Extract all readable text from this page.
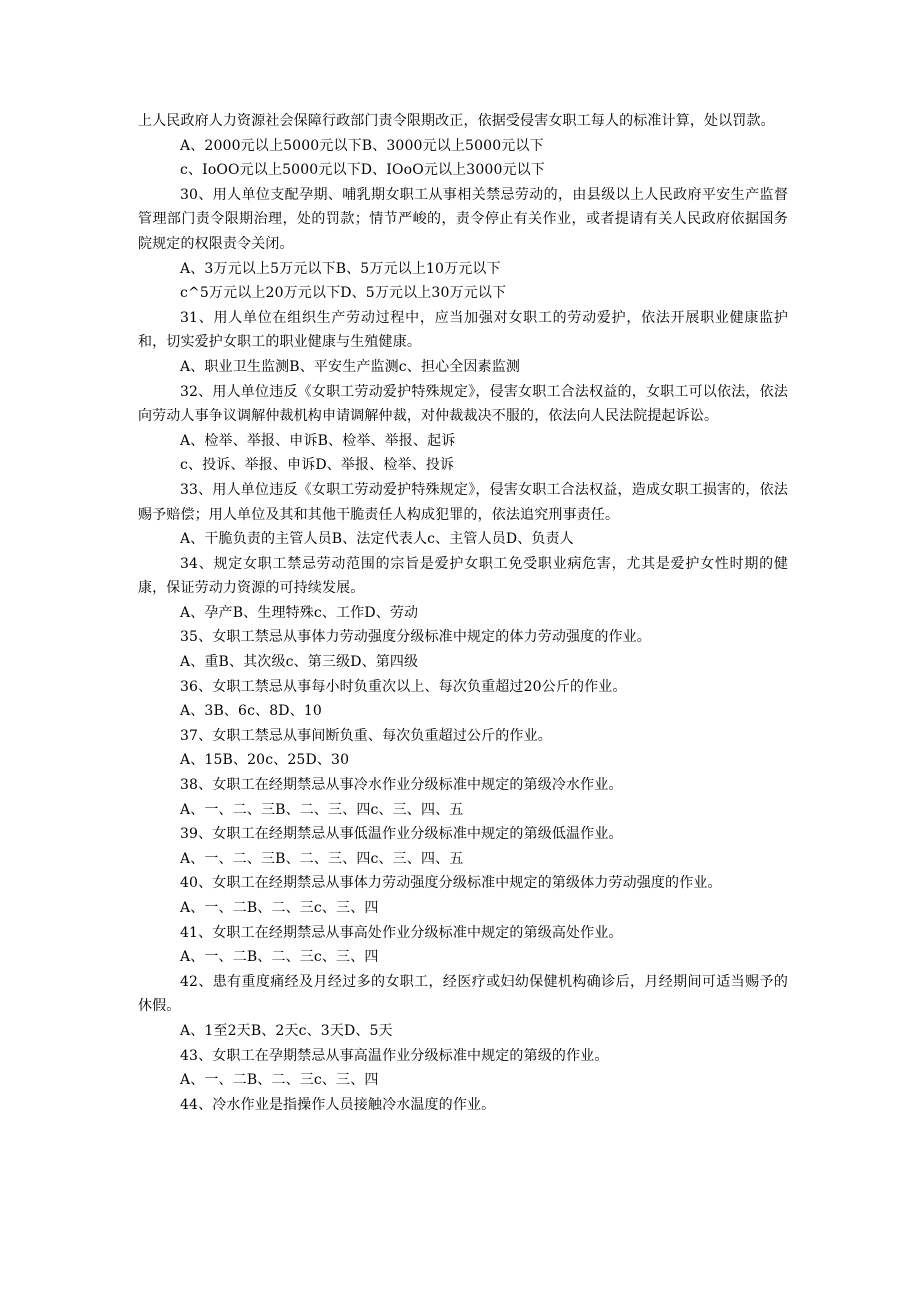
上人民政府人力资源社会保障行政部门责令限期改正，依据受侵害女职工每人的标准计算，处以罚款。

A、2000元以上5000元以下B、3000元以上5000元以下

c、IoOO元以上5000元以下D、IOoO元以上3000元以下

30、用人单位支配孕期、哺乳期女职工从事相关禁忌劳动的，由县级以上人民政府平安生产监督管理部门责令限期治理，处的罚款；情节严峻的，责令停止有关作业，或者提请有关人民政府依据国务院规定的权限责令关闭。

A、3万元以上5万元以下B、5万元以上10万元以下

c^5万元以上20万元以下D、5万元以上30万元以下

31、用人单位在组织生产劳动过程中，应当加强对女职工的劳动爱护，依法开展职业健康监护和，切实爱护女职工的职业健康与生殖健康。

A、职业卫生监测B、平安生产监测c、担心全因素监测

32、用人单位违反《女职工劳动爱护特殊规定》，侵害女职工合法权益的，女职工可以依法，依法向劳动人事争议调解仲裁机构申请调解仲裁，对仲裁裁决不服的，依法向人民法院提起诉讼。

A、检举、举报、申诉B、检举、举报、起诉

c、投诉、举报、申诉D、举报、检举、投诉

33、用人单位违反《女职工劳动爱护特殊规定》，侵害女职工合法权益，造成女职工损害的，依法赐予赔偿；用人单位及其和其他干脆责任人构成犯罪的，依法追究刑事责任。

A、干脆负责的主管人员B、法定代表人c、主管人员D、负责人

34、规定女职工禁忌劳动范围的宗旨是爱护女职工免受职业病危害，尤其是爱护女性时期的健康，保证劳动力资源的可持续发展。

A、孕产B、生理特殊c、工作D、劳动

35、女职工禁忌从事体力劳动强度分级标准中规定的体力劳动强度的作业。

A、重B、其次级c、第三级D、第四级

36、女职工禁忌从事每小时负重次以上、每次负重超过20公斤的作业。

A、3B、6c、8D、10

37、女职工禁忌从事间断负重、每次负重超过公斤的作业。

A、15B、20c、25D、30

38、女职工在经期禁忌从事冷水作业分级标准中规定的第级冷水作业。

A、一、二、三B、二、三、四c、三、四、五

39、女职工在经期禁忌从事低温作业分级标准中规定的第级低温作业。

A、一、二、三B、二、三、四c、三、四、五

40、女职工在经期禁忌从事体力劳动强度分级标准中规定的第级体力劳动强度的作业。

A、一、二B、二、三c、三、四

41、女职工在经期禁忌从事高处作业分级标准中规定的第级高处作业。

A、一、二B、二、三c、三、四

42、患有重度痛经及月经过多的女职工，经医疗或妇幼保健机构确诊后，月经期间可适当赐予的休假。

A、1至2天B、2天c、3天D、5天

43、女职工在孕期禁忌从事高温作业分级标准中规定的第级的作业。

A、一、二B、二、三c、三、四

44、冷水作业是指操作人员接触冷水温度的作业。
